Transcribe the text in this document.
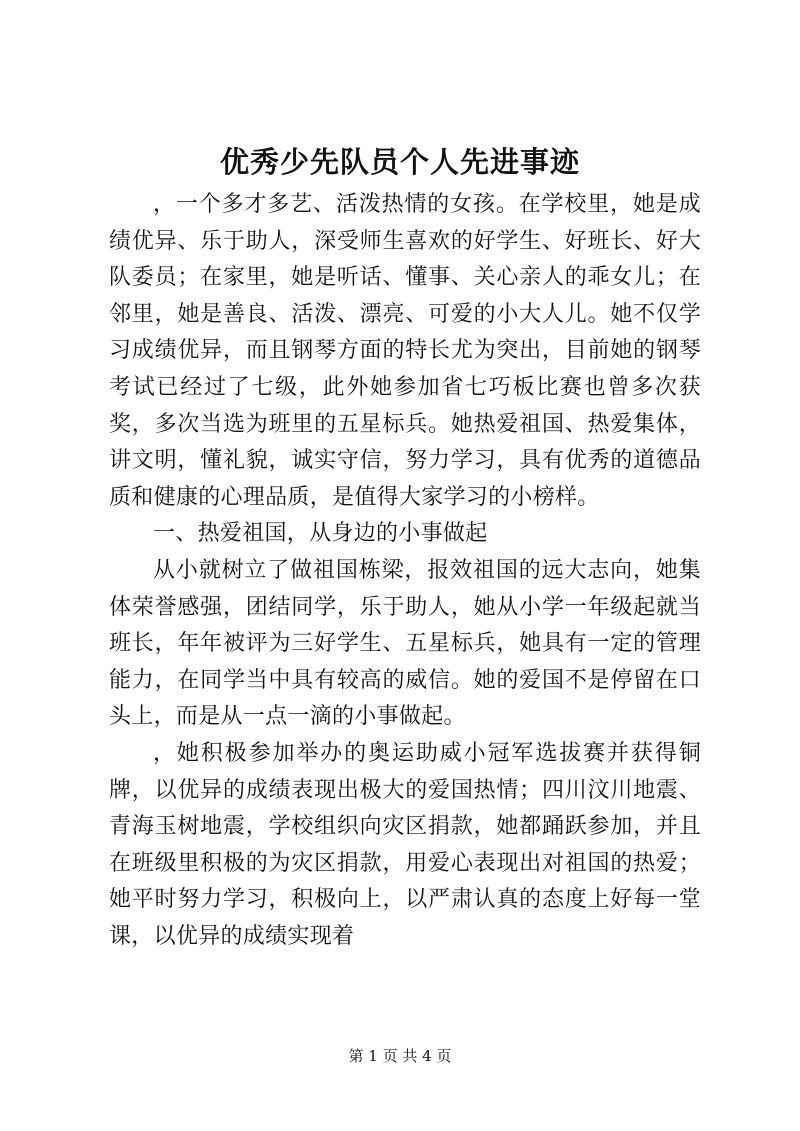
优秀少先队员个人先进事迹

，一个多才多艺、活泼热情的女孩。在学校里，她是成绩优异、乐于助人，深受师生喜欢的好学生、好班长、好大队委员；在家里，她是听话、懂事、关心亲人的乖女儿；在邻里，她是善良、活泼、漂亮、可爱的小大人儿。她不仅学习成绩优异，而且钢琴方面的特长尤为突出，目前她的钢琴考试已经过了七级，此外她参加省七巧板比赛也曾多次获奖，多次当选为班里的五星标兵。她热爱祖国、热爱集体，讲文明，懂礼貌，诚实守信，努力学习，具有优秀的道德品质和健康的心理品质，是值得大家学习的小榜样。

一、热爱祖国，从身边的小事做起

从小就树立了做祖国栋梁，报效祖国的远大志向，她集体荣誉感强，团结同学，乐于助人，她从小学一年级起就当班长，年年被评为三好学生、五星标兵，她具有一定的管理能力，在同学当中具有较高的威信。她的爱国不是停留在口头上，而是从一点一滴的小事做起。

，她积极参加举办的奥运助威小冠军选拔赛并获得铜牌，以优异的成绩表现出极大的爱国热情；四川汶川地震、青海玉树地震，学校组织向灾区捐款，她都踊跃参加，并且在班级里积极的为灾区捐款，用爱心表现出对祖国的热爱；她平时努力学习，积极向上，以严肃认真的态度上好每一堂课，以优异的成绩实现着

第 1 页 共 4 页
